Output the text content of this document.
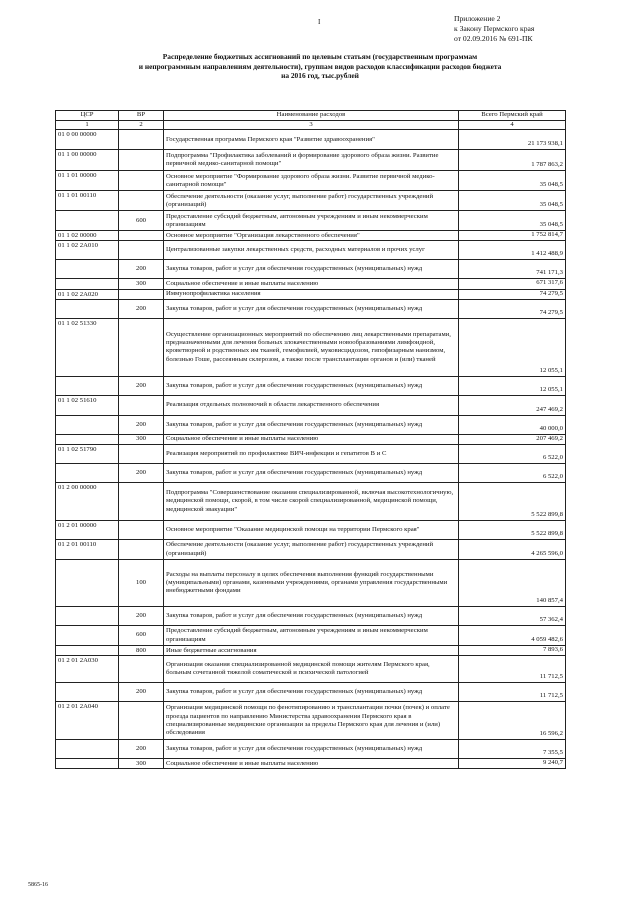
I	Приложение 2
к Закону Пермского края
от 02.09.2016 № 691-ПК
Распределение бюджетных ассигнований по целевым статьям (государственным программам
и непрограммным направлениям деятельности), группам видов расходов классификации расходов бюджета
на 2016 год, тыс.рублей
ЦСР	ВР	Наименование расходов	Всего Пермский край
1	2	3	4
01 0 00 00000		Государственная программа Пермского края "Развитие здравоохранения"	21 173 938,1
01 1 00 00000		Подпрограмма "Профилактика заболеваний и формирование здорового образа жизни. Развитие первичной медико-санитарной помощи"	1 787 863,2
01 1 01 00000		Основное мероприятие "Формирование здорового образа жизни. Развитие первичной медико-санитарной помощи"	35 048,5
01 1 01 00110		Обеспечение деятельности (оказание услуг, выполнение работ) государственных учреждений (организаций)	35 048,5
	600	Предоставление субсидий бюджетным, автономным учреждениям и иным некоммерческим организациям	35 048,5
01 1 02 00000		Основное мероприятие "Организация лекарственного обеспечения"	1 752 814,7
01 1 02 2A010		Централизованные закупки лекарственных средств, расходных материалов и прочих услуг	1 412 488,9
	200	Закупка товаров, работ и услуг для обеспечения государственных (муниципальных) нужд	741 171,3
	300	Социальное обеспечение и иные выплаты населению	671 317,6
01 1 02 2A020		Иммунопрофилактика населения	74 279,5
	200	Закупка товаров, работ и услуг для обеспечения государственных (муниципальных) нужд	74 279,5
01 1 02 51330		Осуществление организационных мероприятий по обеспечению лиц лекарственными препаратами, предназначенными для лечения больных злокачественными новообразованиями лимфоидной, кроветворной и родственных им тканей, гемофилией, муковисцидозом, гипофизарным нанизмом, болезнью Гоше, рассеянным склерозом, а также после трансплантации органов и (или) тканей	12 055,1
	200	Закупка товаров, работ и услуг для обеспечения государственных (муниципальных) нужд	12 055,1
01 1 02 51610		Реализация отдельных полномочий в области лекарственного обеспечения	247 469,2
	200	Закупка товаров, работ и услуг для обеспечения государственных (муниципальных) нужд	40 000,0
	300	Социальное обеспечение и иные выплаты населению	207 469,2
01 1 02 51790		Реализация мероприятий по профилактике ВИЧ-инфекции и гепатитов B и C	6 522,0
	200	Закупка товаров, работ и услуг для обеспечения государственных (муниципальных) нужд	6 522,0
01 2 00 00000		Подпрограмма "Совершенствование оказания специализированной, включая высокотехнологичную, медицинской помощи, скорой, в том числе скорой специализированной, медицинской помощи, медицинской эвакуации"	5 522 899,8
01 2 01 00000		Основное мероприятие "Оказание медицинской помощи на территории Пермского края"	5 522 899,8
01 2 01 00110		Обеспечение деятельности (оказание услуг, выполнение работ) государственных учреждений (организаций)	4 265 596,0
	100	Расходы на выплаты персоналу в целях обеспечения выполнения функций государственными (муниципальными) органами, казенными учреждениями, органами управления государственными внебюджетными фондами	140 857,4
	200	Закупка товаров, работ и услуг для обеспечения государственных (муниципальных) нужд	57 362,4
	600	Предоставление субсидий бюджетным, автономным учреждениям и иным некоммерческим организациям	4 059 482,6
	800	Иные бюджетные ассигнования	7 893,6
01 2 01 2A030		Организация оказания специализированной медицинской помощи жителям Пермского края, больным сочетанной тяжелой соматической и психической патологией	11 712,5
	200	Закупка товаров, работ и услуг для обеспечения государственных (муниципальных) нужд	11 712,5
01 2 01 2A040		Организация медицинской помощи по фенотипированию и трансплантации почки (почек) и оплате проезда пациентов по направлению Министерства здравоохранения Пермского края в специализированные медицинские организации за пределы Пермского края для лечения и (или) обследования	16 596,2
	200	Закупка товаров, работ и услуг для обеспечения государственных (муниципальных) нужд	7 355,5
	300	Социальное обеспечение и иные выплаты населению	9 240,7
5865-16
